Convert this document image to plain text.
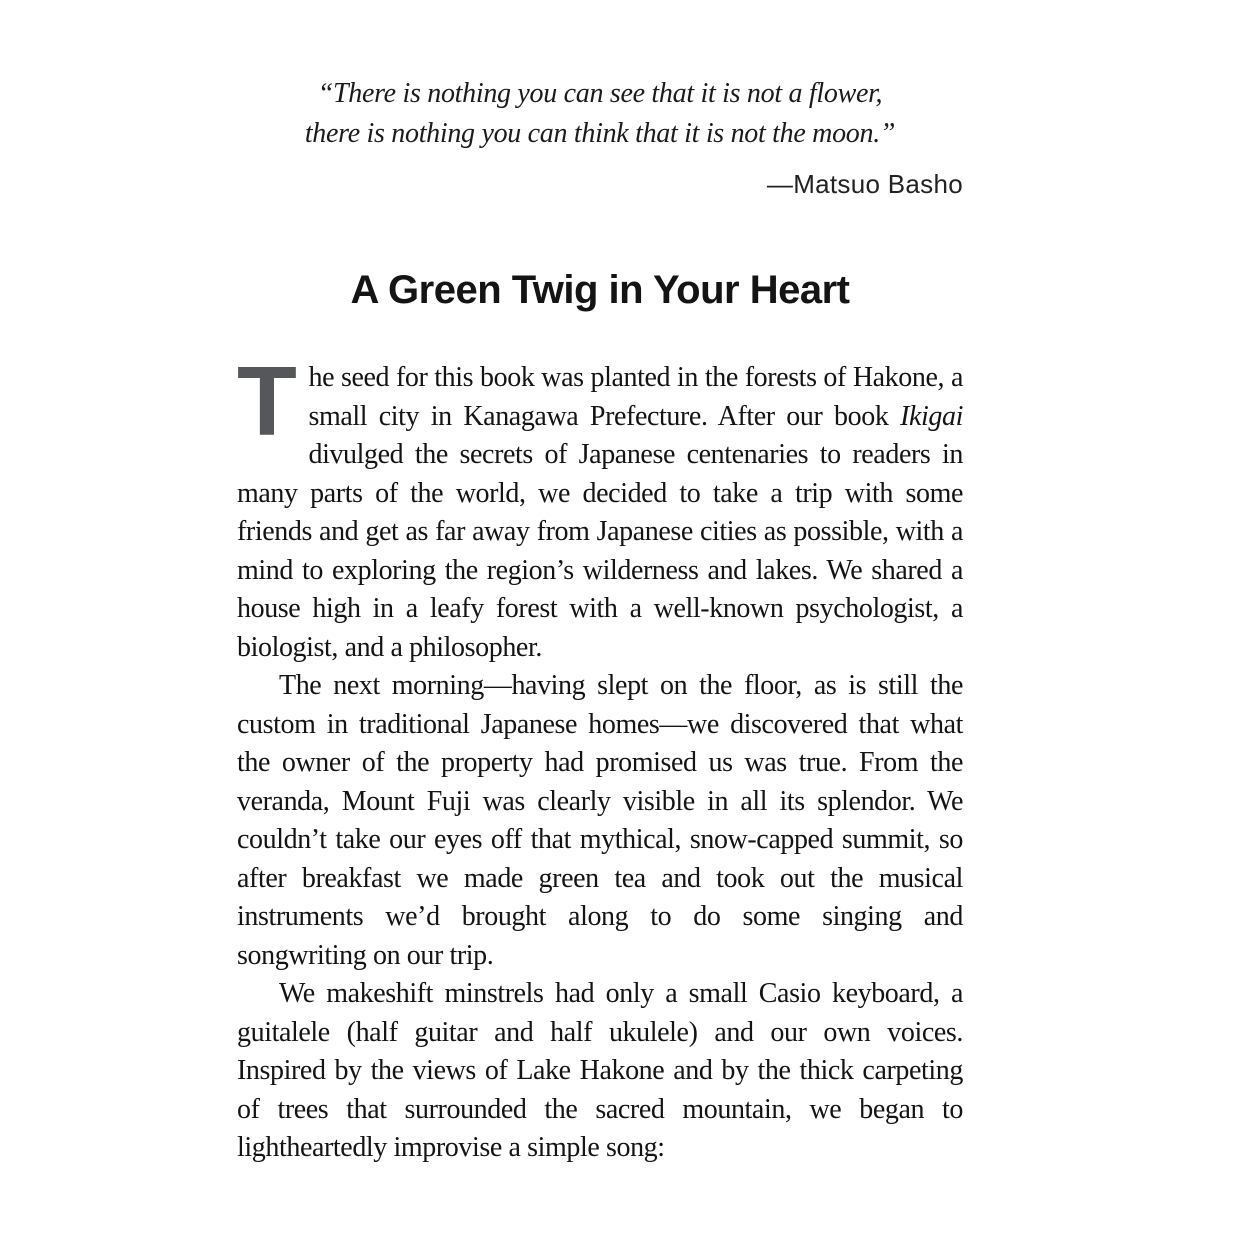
“There is nothing you can see that it is not a flower,
there is nothing you can think that it is not the moon.”
—Matsuo Basho
A Green Twig in Your Heart

The seed for this book was planted in the forests of Hakone, a small city in Kanagawa Prefecture. After our book Ikigai divulged the secrets of Japanese centenaries to readers in many parts of the world, we decided to take a trip with some friends and get as far away from Japanese cities as possible, with a mind to exploring the region’s wilderness and lakes. We shared a house high in a leafy forest with a well-known psychologist, a biologist, and a philosopher.

The next morning—having slept on the floor, as is still the custom in traditional Japanese homes—we discovered that what the owner of the property had promised us was true. From the veranda, Mount Fuji was clearly visible in all its splendor. We couldn’t take our eyes off that mythical, snow-capped summit, so after breakfast we made green tea and took out the musical instruments we’d brought along to do some singing and songwriting on our trip.

We makeshift minstrels had only a small Casio keyboard, a guitalele (half guitar and half ukulele) and our own voices. Inspired by the views of Lake Hakone and by the thick carpeting of trees that surrounded the sacred mountain, we began to lightheartedly improvise a simple song:
